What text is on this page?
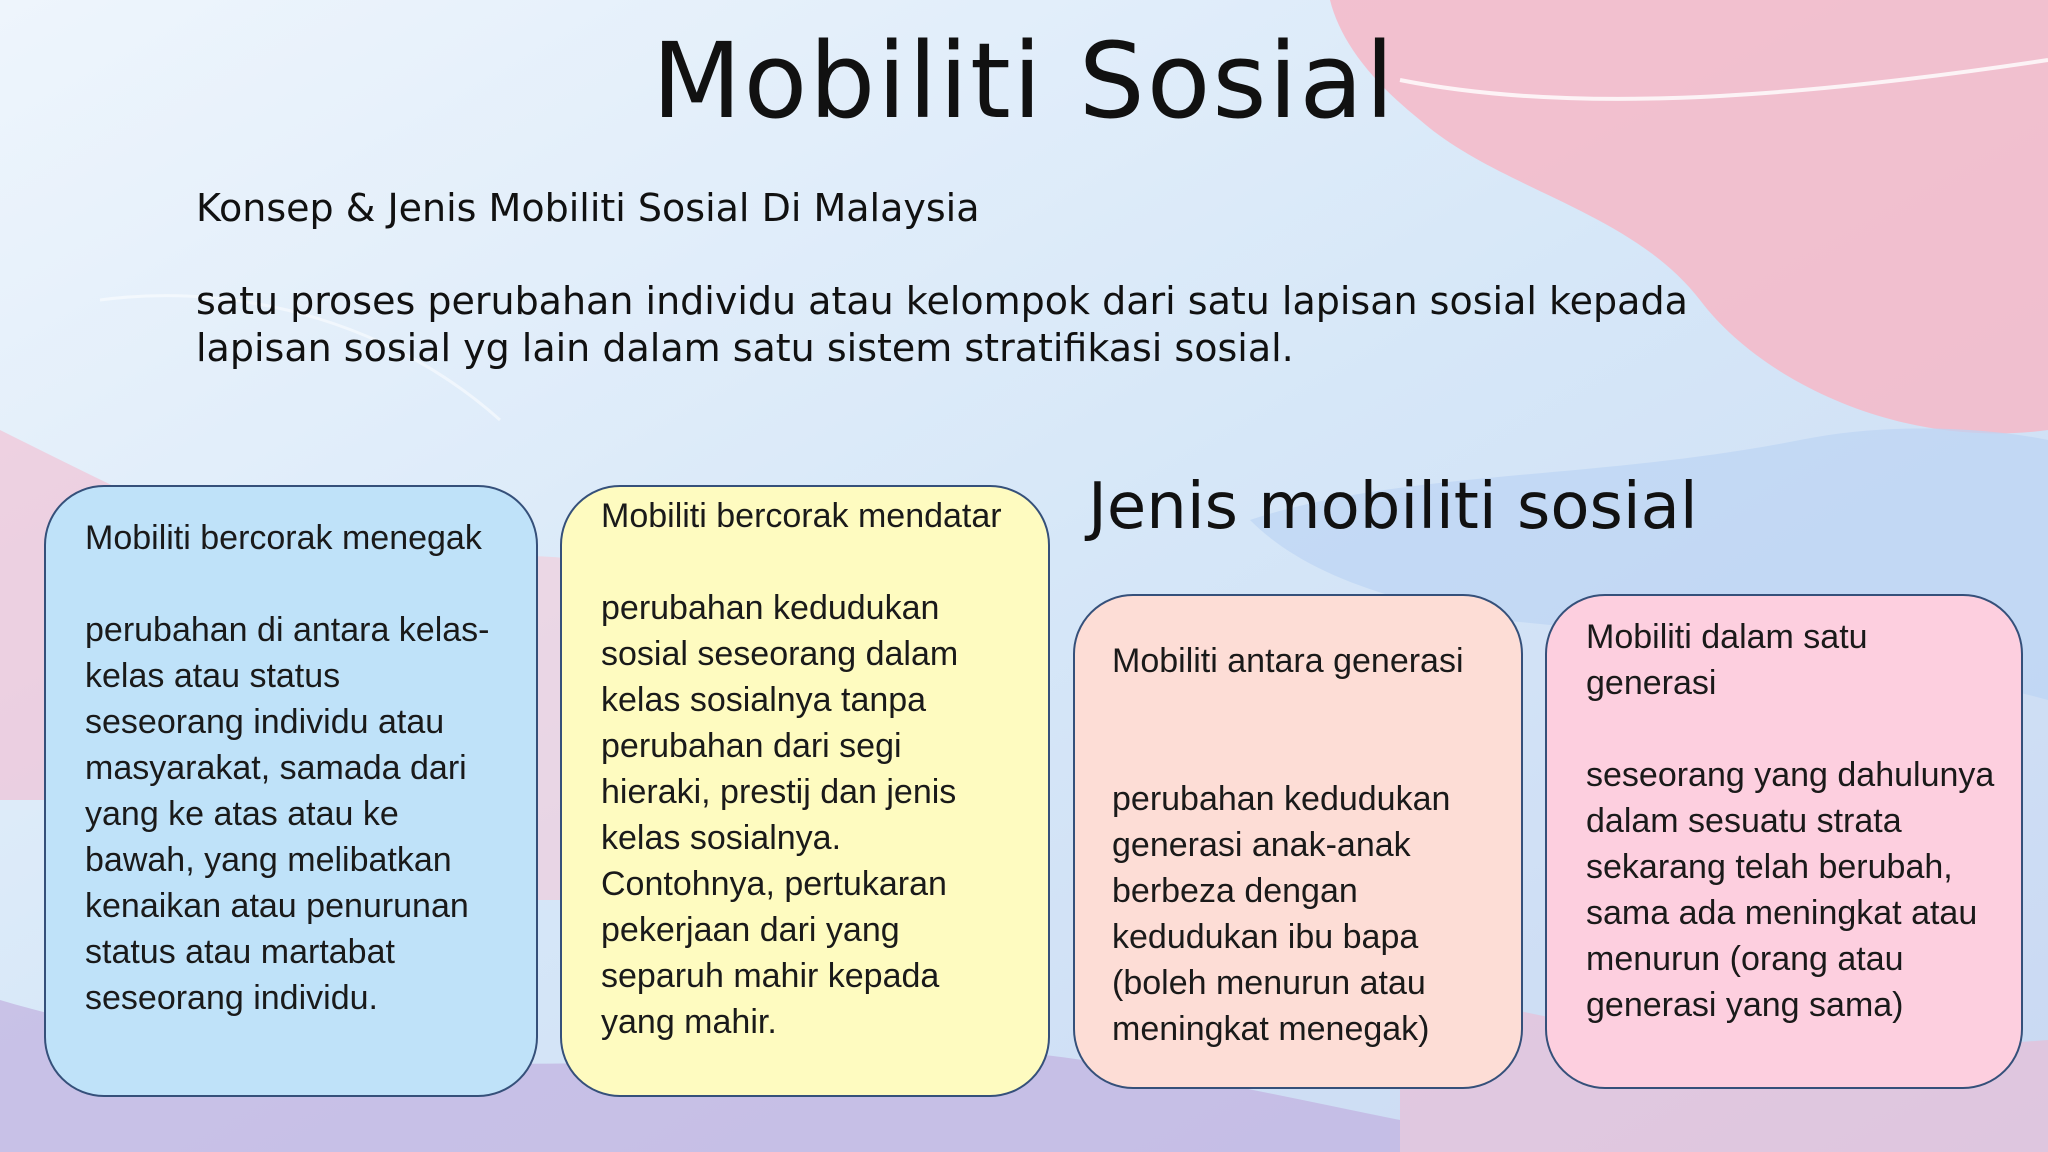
Mobiliti Sosial
Konsep & Jenis Mobiliti Sosial Di Malaysia
satu proses perubahan individu atau kelompok dari satu lapisan sosial kepada lapisan sosial yg lain dalam satu sistem stratifikasi sosial.
Jenis mobiliti sosial
Mobiliti bercorak menegak
perubahan di antara kelas-kelas atau status seseorang individu atau masyarakat, samada dari yang ke atas atau ke bawah, yang melibatkan kenaikan atau penurunan status atau martabat seseorang individu.
Mobiliti bercorak mendatar
perubahan kedudukan sosial seseorang dalam kelas sosialnya tanpa perubahan dari segi hieraki, prestij dan jenis kelas sosialnya. Contohnya, pertukaran pekerjaan dari yang separuh mahir kepada yang mahir.
Mobiliti antara generasi
perubahan kedudukan generasi anak-anak berbeza dengan kedudukan ibu bapa (boleh menurun atau meningkat menegak)
Mobiliti dalam satu generasi
seseorang yang dahulunya dalam sesuatu strata sekarang telah berubah, sama ada meningkat atau menurun (orang atau generasi yang sama)
